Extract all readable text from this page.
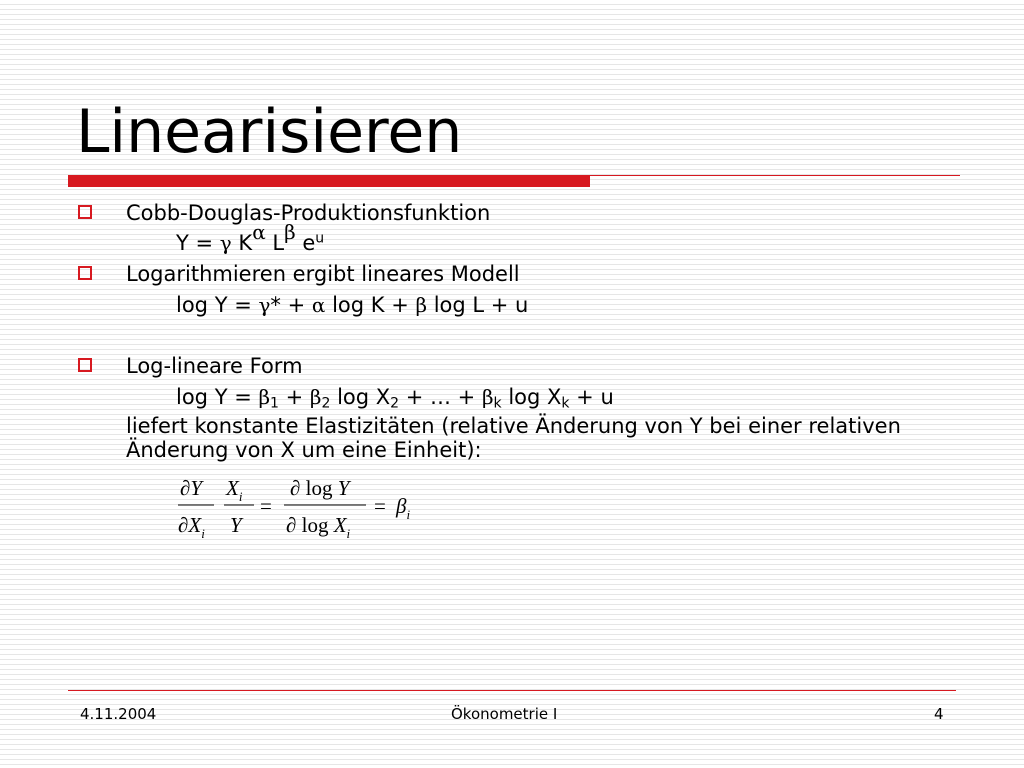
Linearisieren
Cobb-Douglas-Produktionsfunktion
Y = γ $K^\alpha$ $L^\beta$ $e^u$
Logarithmieren ergibt lineares Modell
log Y = γ* + α log K + β log L + u
Log-lineare Form
$\log Y = \beta_1 + \beta_2$ $\log X_2$ + … + $\beta_k$ $\log X_k + u$
liefert konstante Elastizitäten (relative Änderung von Y bei einer relativen Änderung von X um eine Einheit):
∂Y
$\partial X_i$
$X_i$
Y
=
∂ log Y
∂ $\log X_i$
= $\beta_i$
4.11.2004	Ökonometrie I	4
